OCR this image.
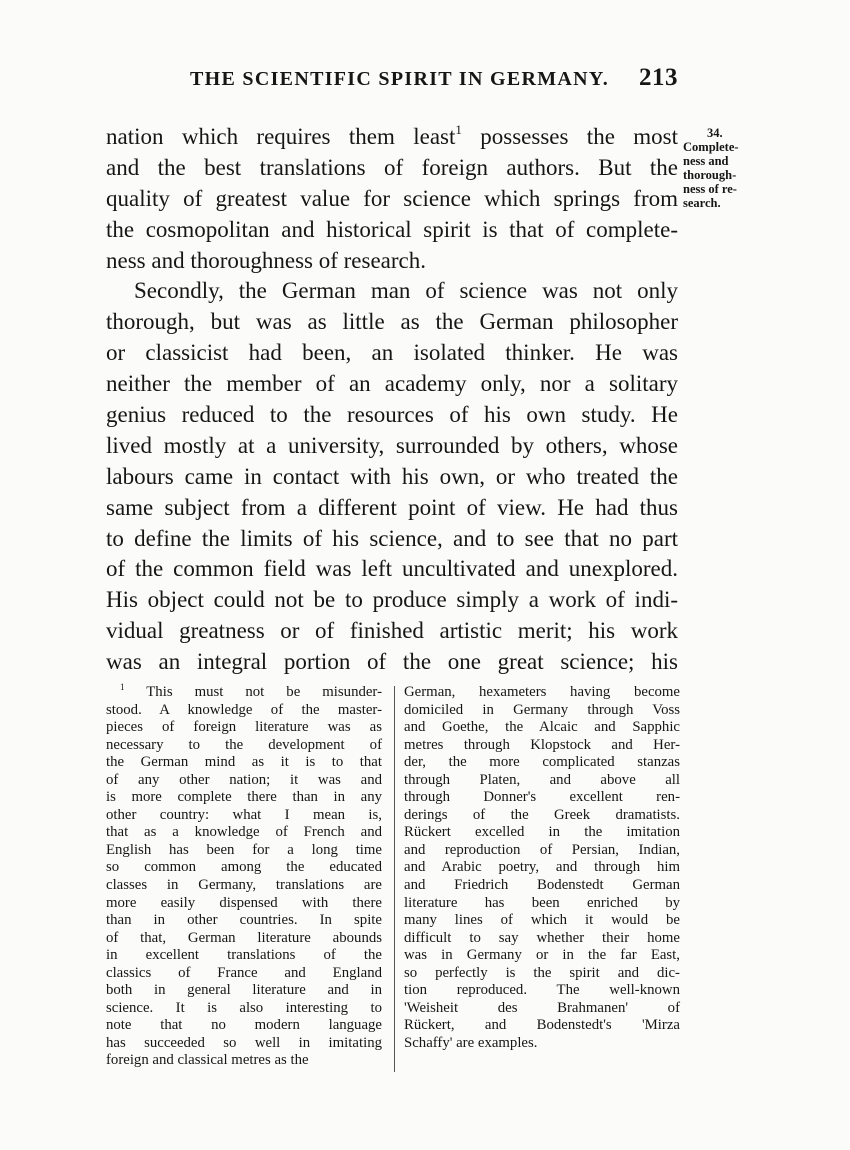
THE SCIENTIFIC SPIRIT IN GERMANY. 213
nation which requires them least$^1$ possesses the most
and the best translations of foreign authors. But the
quality of greatest value for science which springs from
the cosmopolitan and historical spirit is that of complete-
ness and thoroughness of research.
Secondly, the German man of science was not only
thorough, but was as little as the German philosopher
or classicist had been, an isolated thinker. He was
neither the member of an academy only, nor a solitary
genius reduced to the resources of his own study. He
lived mostly at a university, surrounded by others, whose
labours came in contact with his own, or who treated the
same subject from a different point of view. He had thus
to define the limits of his science, and to see that no part
of the common field was left uncultivated and unexplored.
His object could not be to produce simply a work of indi-
vidual greatness or of finished artistic merit; his work
was an integral portion of the one great science; his
34.
Complete-
ness and
thorough-
ness of re-
search.
$^1$ This must not be misunder-
stood. A knowledge of the master-
pieces of foreign literature was as
necessary to the development of
the German mind as it is to that
of any other nation; it was and
is more complete there than in any
other country: what I mean is,
that as a knowledge of French and
English has been for a long time
so common among the educated
classes in Germany, translations are
more easily dispensed with there
than in other countries. In spite
of that, German literature abounds
in excellent translations of the
classics of France and England
both in general literature and in
science. It is also interesting to
note that no modern language
has succeeded so well in imitating
foreign and classical metres as the
German, hexameters having become
domiciled in Germany through Voss
and Goethe, the Alcaic and Sapphic
metres through Klopstock and Her-
der, the more complicated stanzas
through Platen, and above all
through Donner's excellent ren-
derings of the Greek dramatists.
Rückert excelled in the imitation
and reproduction of Persian, Indian,
and Arabic poetry, and through him
and Friedrich Bodenstedt German
literature has been enriched by
many lines of which it would be
difficult to say whether their home
was in Germany or in the far East,
so perfectly is the spirit and dic-
tion reproduced. The well-known
'Weisheit des Brahmanen' of
Rückert, and Bodenstedt's 'Mirza
Schaffy' are examples.
